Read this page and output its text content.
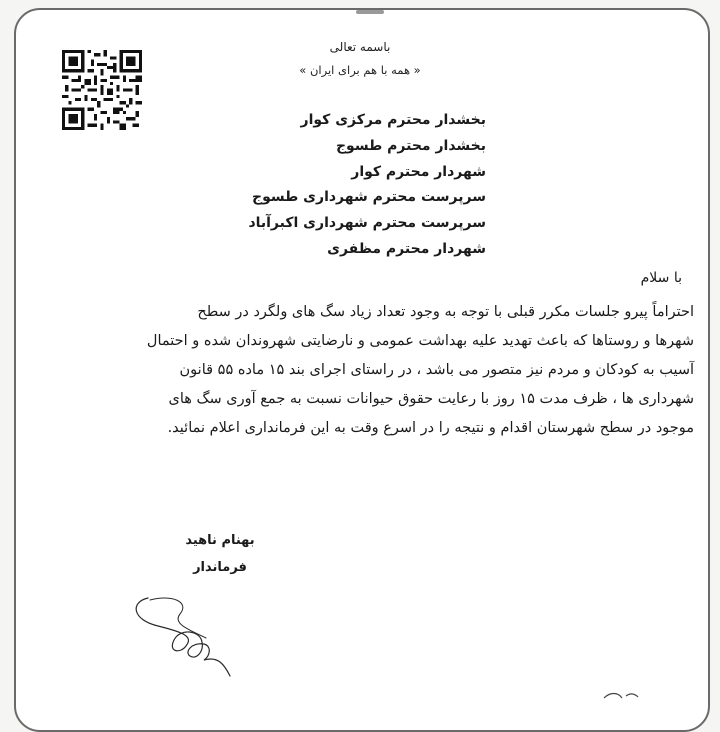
باسمه تعالی
« همه با هم برای ایران »
بخشدار محترم مرکزی کوار
بخشدار محترم طسوج
شهردار محترم کوار
سرپرست محترم شهرداری طسوج
سرپرست محترم شهرداری اکبرآباد
شهردار محترم مظفری
با سلام
احتراماً پیرو جلسات مکرر قبلی با توجه به وجود تعداد زیاد سگ های ولگرد در سطح
شهرها و روستاها که باعث تهدید علیه بهداشت عمومی و نارضایتی شهروندان شده و احتمال
آسیب به کودکان و مردم نیز متصور می باشد ، در راستای اجرای بند ۱۵ ماده ۵۵ قانون
شهرداری ها ، ظرف مدت ۱۵ روز با رعایت حقوق حیوانات نسبت به جمع آوری سگ های
موجود در سطح شهرستان اقدام و نتیجه را در اسرع وقت به این فرمانداری اعلام نمائید.
بهنام ناهید
فرماندار
